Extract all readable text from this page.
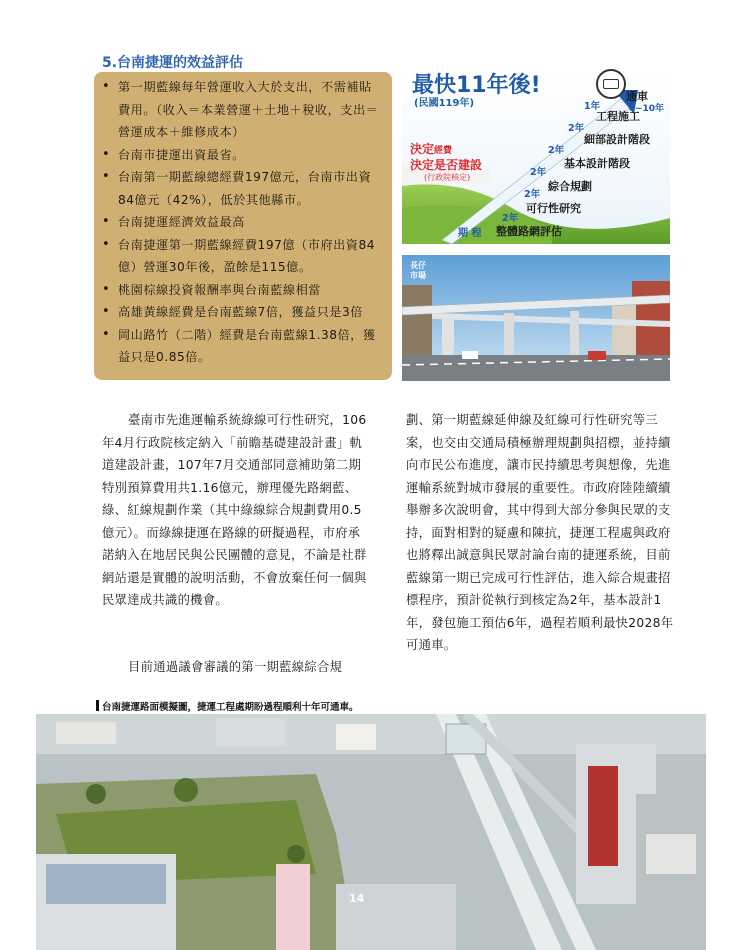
5.台南捷運的效益評估
• 第一期藍線每年營運收入大於支出，不需補貼費用。（收入＝本業營運＋土地＋稅收，支出＝營運成本＋維修成本）
• 台南市捷運出資最省。
• 台南第一期藍線總經費197億元，台南市出資84億元（42%），低於其他縣市。
• 台南捷運經濟效益最高
• 台南捷運第一期藍線經費197億（市府出資84億）營運30年後，盈餘是115億。
• 桃園棕線投資報酬率與台南藍線相當
• 高雄黃線經費是台南藍線7倍，獲益只是3倍
• 岡山路竹（二階）經費是台南藍線1.38倍，獲益只是0.85倍。
最快11年後!
(民國119年)
通車
6~10年
決定經費
決定是否建設
(行政院核定)
期 程
2年
整體路網評估
2年
可行性研究
2年
綜合規劃
2年
基本設計階段
2年
細部設計階段
1年
工程施工
長仔
市場

臺南市先進運輸系統綠線可行性研究，106年4月行政院核定納入「前瞻基礎建設計畫」軌道建設計畫，107年7月交通部同意補助第二期特別預算費用共1.16億元，辦理優先路網藍、綠、紅線規劃作業（其中綠線綜合規劃費用0.5億元）。而綠線捷運在路線的研擬過程，市府承諾納入在地居民與公民團體的意見，不論是社群網站還是實體的說明活動，不會放棄任何一個與民眾達成共識的機會。

目前通過議會審議的第一期藍線綜合規

劃、第一期藍線延伸線及紅線可行性研究等三案，也交由交通局積極辦理規劃與招標，並持續向市民公布進度，讓市民持續思考與想像，先進運輸系統對城市發展的重要性。市政府陸陸續續舉辦多次說明會，其中得到大部分參與民眾的支持，面對相對的疑慮和陳抗，捷運工程處與政府也將釋出誠意與民眾討論台南的捷運系統，目前藍線第一期已完成可行性評估，進入綜合規畫招標程序，預計從執行到核定為2年，基本設計1年，發包施工預估6年，過程若順利最快2028年可通車。

台南捷運路面模擬圖，捷運工程處期盼過程順利十年可通車。
14
